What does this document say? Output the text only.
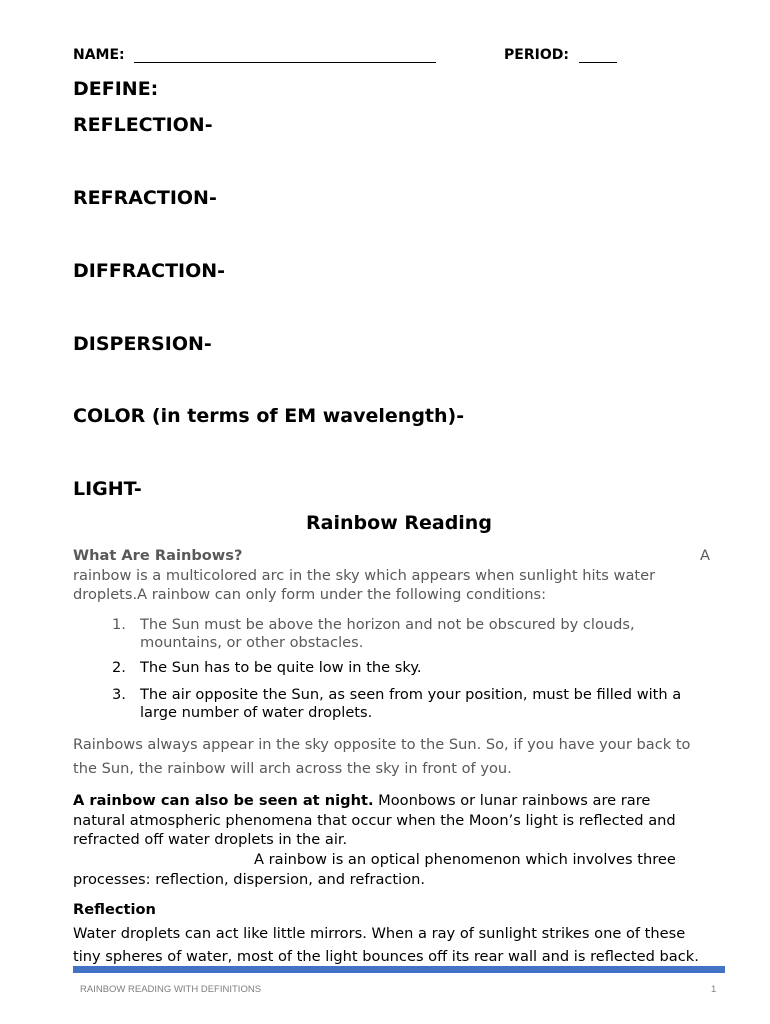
NAME:	PERIOD:
DEFINE:
REFLECTION-
REFRACTION-
DIFFRACTION-
DISPERSION-
COLOR (in terms of EM wavelength)-
LIGHT-
Rainbow Reading
What Are Rainbows?	A
rainbow is a multicolored arc in the sky which appears when sunlight hits water
droplets.A rainbow can only form under the following conditions:
1. The Sun must be above the horizon and not be obscured by clouds,
mountains, or other obstacles.
2. The Sun has to be quite low in the sky.
3. The air opposite the Sun, as seen from your position, must be filled with a
large number of water droplets.
Rainbows always appear in the sky opposite to the Sun. So, if you have your back to
the Sun, the rainbow will arch across the sky in front of you.
A rainbow can also be seen at night. Moonbows or lunar rainbows are rare
natural atmospheric phenomena that occur when the Moon’s light is reflected and
refracted off water droplets in the air.
A rainbow is an optical phenomenon which involves three
processes: reflection, dispersion, and refraction.
Reflection
Water droplets can act like little mirrors. When a ray of sunlight strikes one of these
tiny spheres of water, most of the light bounces off its rear wall and is reflected back.
RAINBOW READING WITH DEFINITIONS	1
